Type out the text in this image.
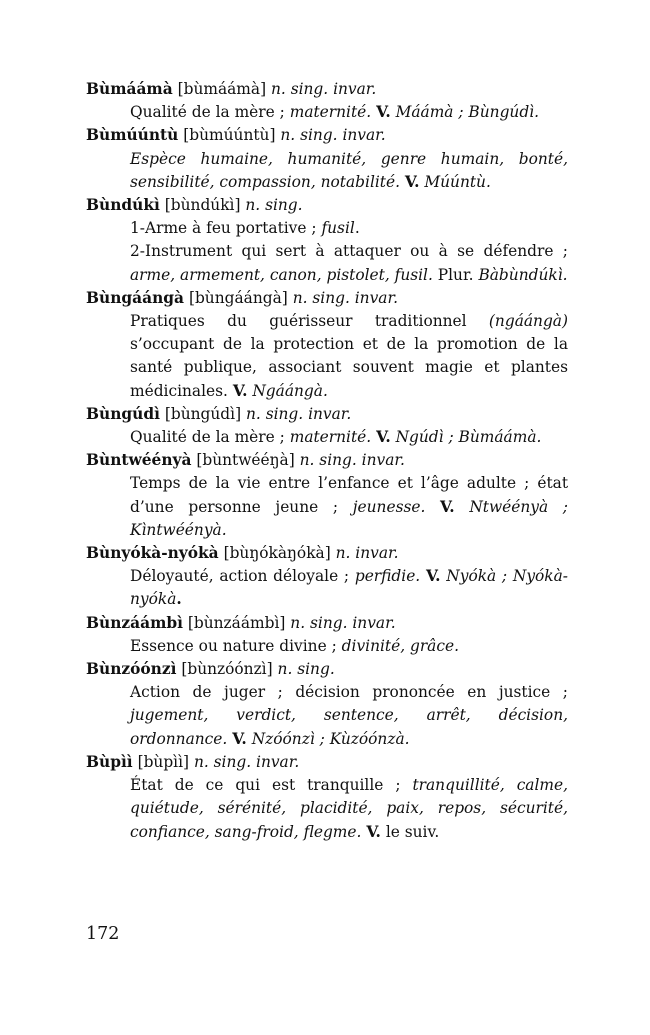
Bùmáámà [bùmáámà] n. sing. invar.
Qualité de la mère ; maternité. V. Máámà ; Bùngúdì.
Bùmúúntù [bùmúúntù] n. sing. invar.
Espèce humaine, humanité, genre humain, bonté, sensibilité, compassion, notabilité. V. Múúntù.
Bùndúkì [bùndúkì] n. sing.
1-Arme à feu portative ; fusil.
2-Instrument qui sert à attaquer ou à se défendre ; arme, armement, canon, pistolet, fusil. Plur. Bàbùndúkì.
Bùngáángà [bùngáángà] n. sing. invar.
Pratiques du guérisseur traditionnel (ngáángà) s’occupant de la protection et de la promotion de la santé publique, associant souvent magie et plantes médicinales. V. Ngáángà.
Bùngúdì [bùngúdì] n. sing. invar.
Qualité de la mère ; maternité. V. Ngúdì ; Bùmáámà.
Bùntwéényà [bùntwééŋà] n. sing. invar.
Temps de la vie entre l’enfance et l’âge adulte ; état d’une personne jeune ; jeunesse. V. Ntwéényà ; Kìntwéényà.
Bùnyókà-nyókà [bùŋókàŋókà] n. invar.
Déloyauté, action déloyale ; perfidie. V. Nyókà ; Nyókà-nyókà.
Bùnzáámbì [bùnzáámbì] n. sing. invar.
Essence ou nature divine ; divinité, grâce.
Bùnzóónzì [bùnzóónzì] n. sing.
Action de juger ; décision prononcée en justice ; jugement, verdict, sentence, arrêt, décision, ordonnance. V. Nzóónzì ; Kùzóónzà.
Bùpìì [bùpìì] n. sing. invar.
État de ce qui est tranquille ; tranquillité, calme, quiétude, sérénité, placidité, paix, repos, sécurité, confiance, sang-froid, flegme. V. le suiv.
172
